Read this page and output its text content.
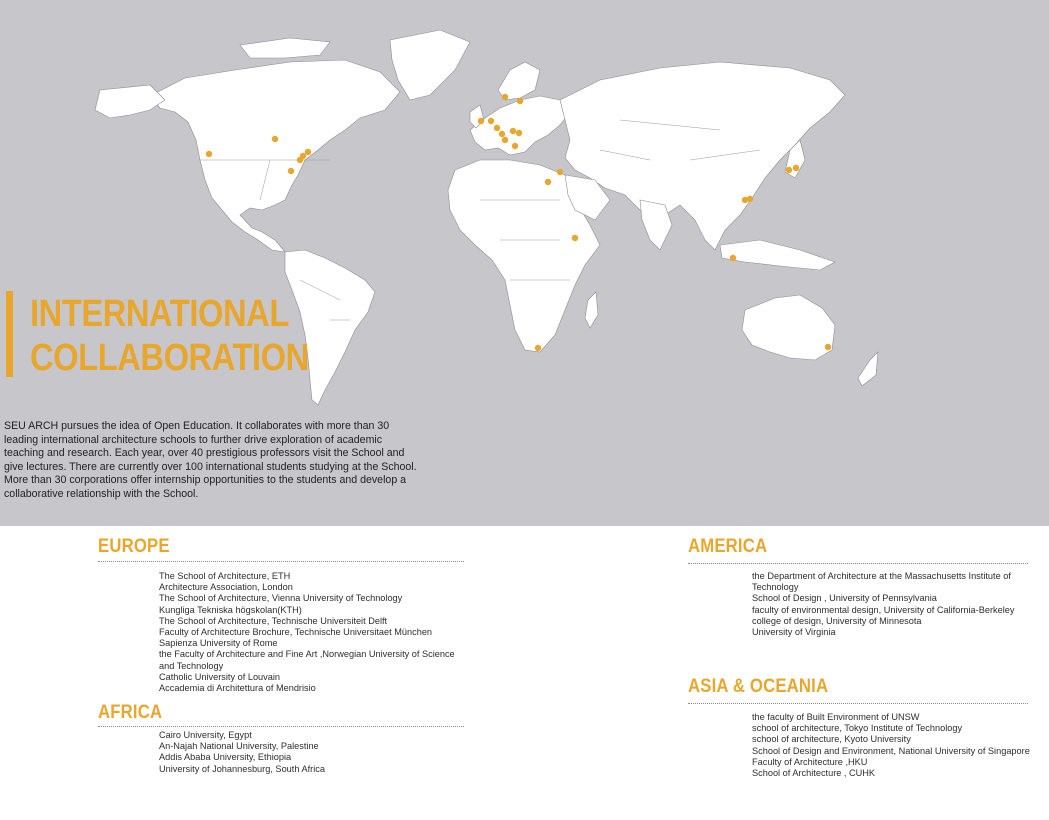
INTERNATIONAL
COLLABORATION

SEU ARCH pursues the idea of Open Education. It collaborates with more than 30 leading international architecture schools to further drive exploration of academic teaching and research. Each year, over 40 prestigious professors visit the School and give lectures. There are currently over 100 international students studying at the School. More than 30 corporations offer internship opportunities to the students and develop a collaborative relationship with the School.

EUROPE
The School of Architecture, ETH
Architecture Association, London
The School of Architecture, Vienna University of Technology
Kungliga Tekniska högskolan(KTH)
The School of Architecture, Technische Universiteit Delft
Faculty of Architecture Brochure, Technische Universitaet München
Sapienza University of Rome
the Faculty of Architecture and Fine Art ,Norwegian University of Science
and Technology
Catholic University of Louvain
Accademia di Architettura of Mendrisio
AFRICA
Cairo University, Egypt
An-Najah National University, Palestine
Addis Ababa University, Ethiopia
University of Johannesburg, South Africa
AMERICA
the Department of Architecture at the Massachusetts Institute of
Technology
School of Design , University of Pennsylvania
faculty of environmental design, University of California-Berkeley
college of design, University of Minnesota
University of Virginia
ASIA & OCEANIA
the faculty of Built Environment of UNSW
school of architecture, Tokyo Institute of Technology
school of architecture, Kyoto University
School of Design and Environment, National University of Singapore
Faculty of Architecture ,HKU
School of Architecture , CUHK
